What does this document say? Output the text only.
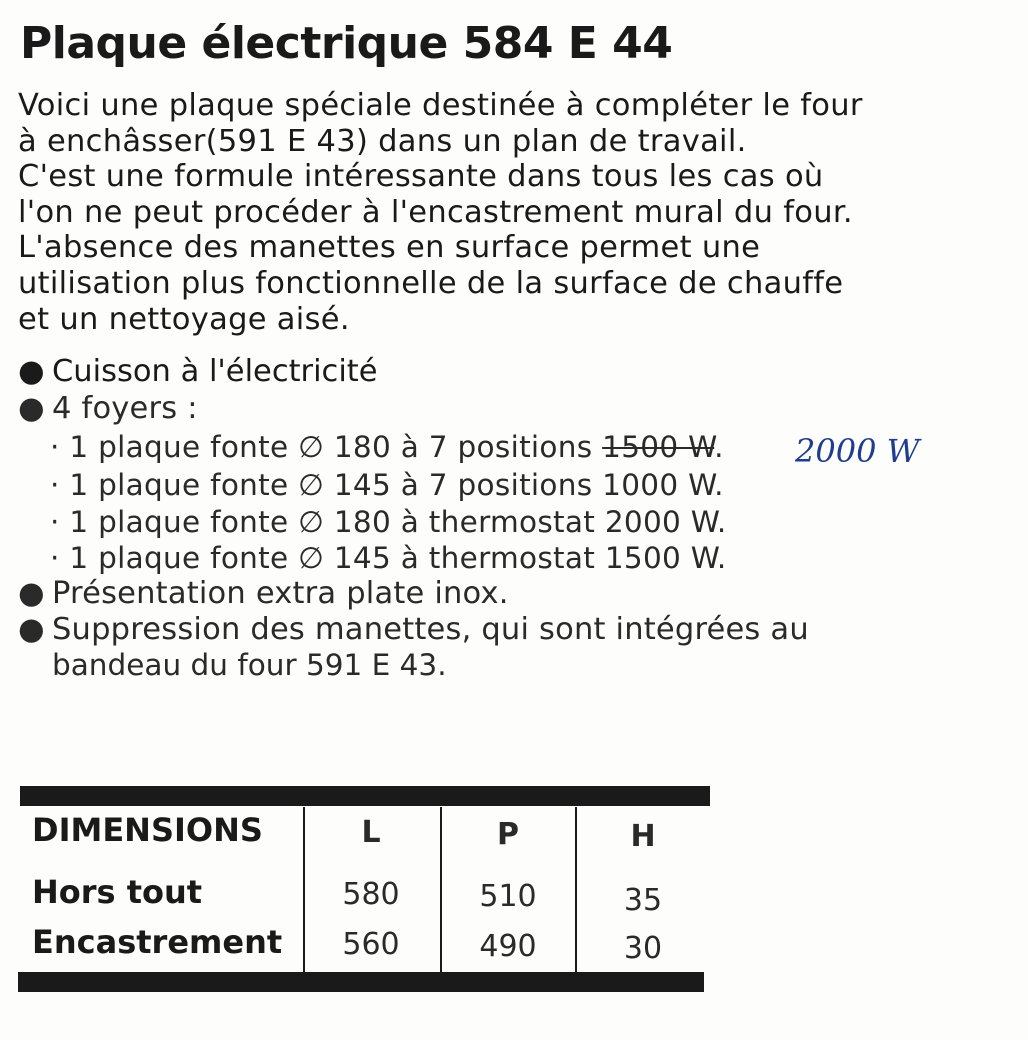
Plaque électrique 584 E 44
Voici une plaque spéciale destinée à compléter le four
à enchâsser(591 E 43) dans un plan de travail.
C'est une formule intéressante dans tous les cas où
l'on ne peut procéder à l'encastrement mural du four.
L'absence des manettes en surface permet une
utilisation plus fonctionnelle de la surface de chauffe
et un nettoyage aisé.
● Cuisson à l'électricité
● 4 foyers :
· 1 plaque fonte ∅ 180 à 7 positions 1500 W. 2000 W
· 1 plaque fonte ∅ 145 à 7 positions 1000 W.
· 1 plaque fonte ∅ 180 à thermostat 2000 W.
· 1 plaque fonte ∅ 145 à thermostat 1500 W.
● Présentation extra plate inox.
● Suppression des manettes, qui sont intégrées au
bandeau du four 591 E 43.
DIMENSIONS	L	P	H
Hors tout	580	510	35
Encastrement	560	490	30
